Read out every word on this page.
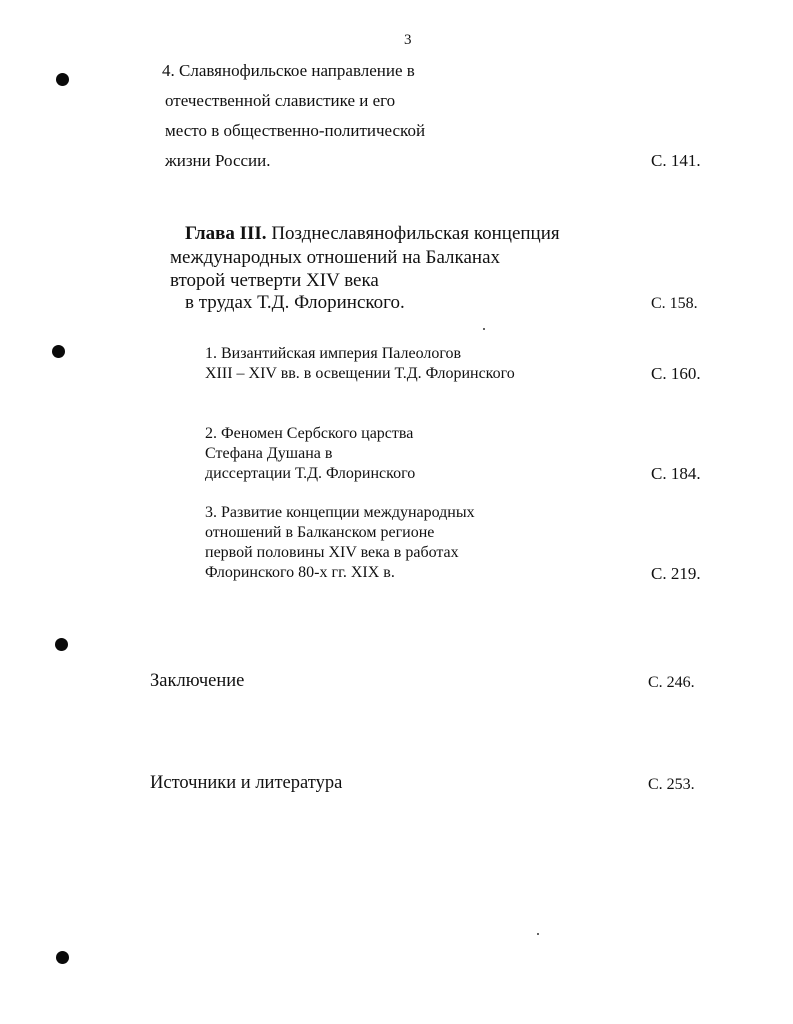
3
4. Славянофильское направление в
отечественной славистике и его
место в общественно-политической
жизни России.	С. 141.
Глава III. Позднеславянофильская концепция
международных отношений на Балканах
второй четверти XIV века
в трудах Т.Д. Флоринского.	С. 158.
1. Византийская империя Палеологов
XIII – XIV вв. в освещении Т.Д. Флоринского	С. 160.
2. Феномен Сербского царства
Стефана Душана в
диссертации Т.Д. Флоринского	С. 184.
3. Развитие концепции международных
отношений в Балканском регионе
первой половины XIV века в работах
Флоринского 80-х гг. XIX в.	С. 219.
Заключение	С. 246.
Источники и литература	С. 253.
